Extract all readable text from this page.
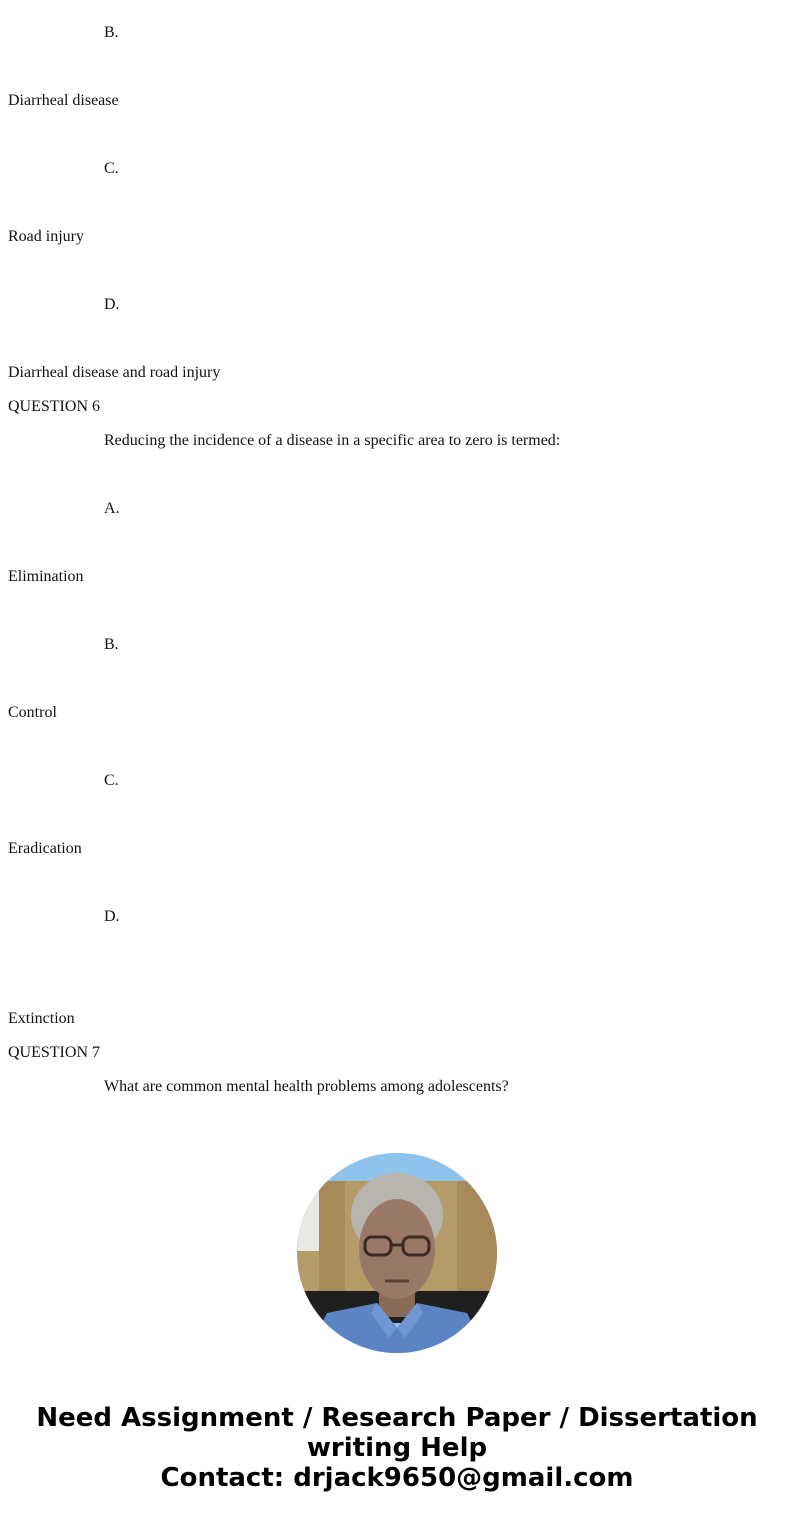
B.
Diarrheal disease
C.
Road injury
D.
Diarrheal disease and road injury
QUESTION 6
Reducing the incidence of a disease in a specific area to zero is termed:
A.
Elimination
B.
Control
C.
Eradication
D.
Extinction
QUESTION 7
What are common mental health problems among adolescents?
Need Assignment / Research Paper / Dissertation
writing Help
Contact: drjack9650@gmail.com
